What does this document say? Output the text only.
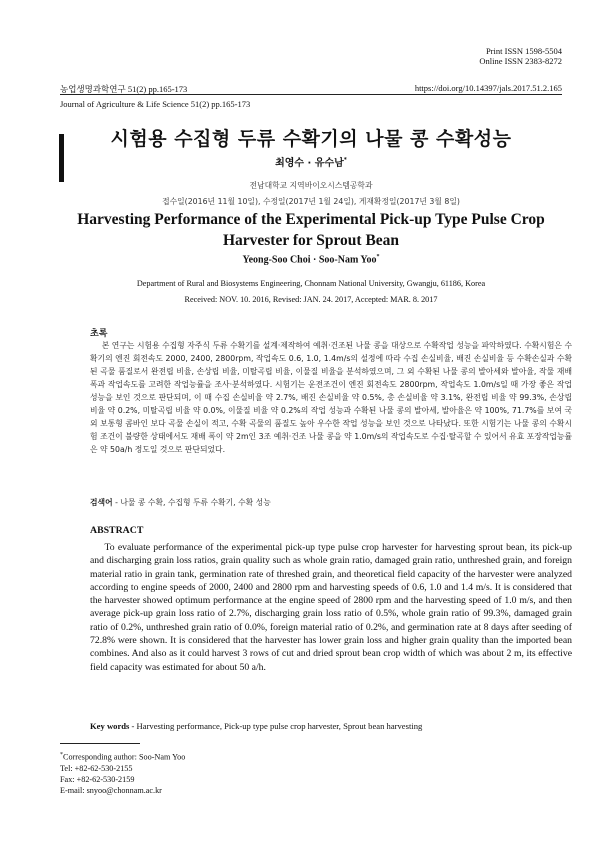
Print ISSN 1598-5504
Online ISSN 2383-8272
농업생명과학연구 51(2) pp.165-173	https://doi.org/10.14397/jals.2017.51.2.165
Journal of Agriculture & Life Science 51(2) pp.165-173
시험용 수집형 두류 수확기의 나물 콩 수확성능
최영수 · 유수남*
전남대학교 지역바이오시스템공학과
접수일(2016년 11월 10일), 수정일(2017년 1월 24일), 게재확정일(2017년 3월 8일)
Harvesting Performance of the Experimental Pick-up Type Pulse Crop Harvester for Sprout Bean
Yeong-Soo Choi · Soo-Nam Yoo*
Department of Rural and Biosystems Engineering, Chonnam National University, Gwangju, 61186, Korea
Received: NOV. 10. 2016, Revised: JAN. 24. 2017, Accepted: MAR. 8. 2017
초록
본 연구는 시험용 수집형 자주식 두류 수확기를 설계·제작하여 예취·건조된 나물 콩을 대상으로 수확작업 성능을 파악하였다. 수확시험은 수확기의 엔진 회전속도 2000, 2400, 2800rpm, 작업속도 0.6, 1.0, 1.4m/s의 설정에 따라 수집 손실비율, 배진 손실비율 등 수확손실과 수확된 곡물 품질로서 완전립 비율, 손상립 비율, 미탈곡립 비율, 이물질 비율을 분석하였으며, 그 외 수확된 나물 콩의 발아세와 발아율, 작물 재배 폭과 작업속도를 고려한 작업능률을 조사·분석하였다. 시험기는 운전조건이 엔진 회전속도 2800rpm, 작업속도 1.0m/s일 때 가장 좋은 작업 성능을 보인 것으로 판단되며, 이 때 수집 손실비율 약 2.7%, 배진 손실비율 약 0.5%, 총 손실비율 약 3.1%, 완전립 비율 약 99.3%, 손상립 비율 약 0.2%, 미탈곡립 비율 약 0.0%, 이물질 비율 약 0.2%의 작업 성능과 수확된 나물 콩의 발아세, 발아율은 약 100%, 71.7%를 보여 국외 보통형 콤바인 보다 곡물 손실이 적고, 수확 곡물의 품질도 높아 우수한 작업 성능을 보인 것으로 나타났다. 또한 시험기는 나물 콩의 수확시험 조건이 불량한 상태에서도 재배 폭이 약 2m인 3조 예취·건조 나물 콩을 약 1.0m/s의 작업속도로 수집·탈곡할 수 있어서 유효 포장작업능률은 약 50a/h 정도일 것으로 판단되었다.
검색어 - 나물 콩 수확, 수집형 두류 수확기, 수확 성능
ABSTRACT
To evaluate performance of the experimental pick-up type pulse crop harvester for harvesting sprout bean, its pick-up and discharging grain loss ratios, grain quality such as whole grain ratio, damaged grain ratio, unthreshed grain, and foreign material ratio in grain tank, germination rate of threshed grain, and theoretical field capacity of the harvester were analyzed according to engine speeds of 2000, 2400 and 2800 rpm and harvesting speeds of 0.6, 1.0 and 1.4 m/s. It is considered that the harvester showed optimum performance at the engine speed of 2800 rpm and the harvesting speed of 1.0 m/s, and then average pick-up grain loss ratio of 2.7%, discharging grain loss ratio of 0.5%, whole grain ratio of 99.3%, damaged grain ratio of 0.2%, unthreshed grain ratio of 0.0%, foreign material ratio of 0.2%, and germination rate at 8 days after seeding of 72.8% were shown. It is considered that the harvester has lower grain loss and higher grain quality than the imported bean combines. And also as it could harvest 3 rows of cut and dried sprout bean crop width of which was about 2 m, its effective field capacity was estimated for about 50 a/h.
Key words - Harvesting performance, Pick-up type pulse crop harvester, Sprout bean harvesting
*Corresponding author: Soo-Nam Yoo
Tel: +82-62-530-2155
Fax: +82-62-530-2159
E-mail: snyoo@chonnam.ac.kr
